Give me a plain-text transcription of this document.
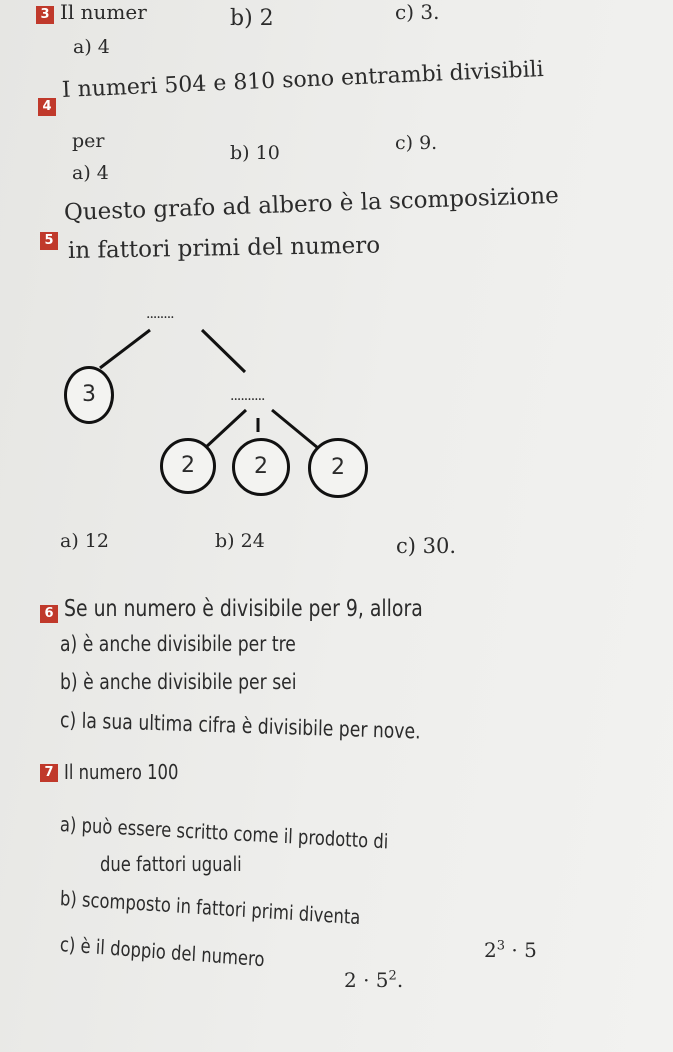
3 Il numer
a) 4
b) 2	c) 3.
4
I numeri 504 e 810 sono entrambi divisibili
per
a) 4
b) 10	c) 9.
5
Questo grafo ad albero è la scomposizione
in fattori primi del numero
........
..........
3
2	2	2
a) 12	b) 24	c) 30.
6 Se un numero è divisibile per 9, allora
a) è anche divisibile per tre
b) è anche divisibile per sei
c) la sua ultima cifra è divisibile per nove.
7 Il numero 100
a) può essere scritto come il prodotto di
due fattori uguali
b) scomposto in fattori primi diventa
$2^3 \cdot 5$
c) è il doppio del numero
$2 \cdot 5^2$.
